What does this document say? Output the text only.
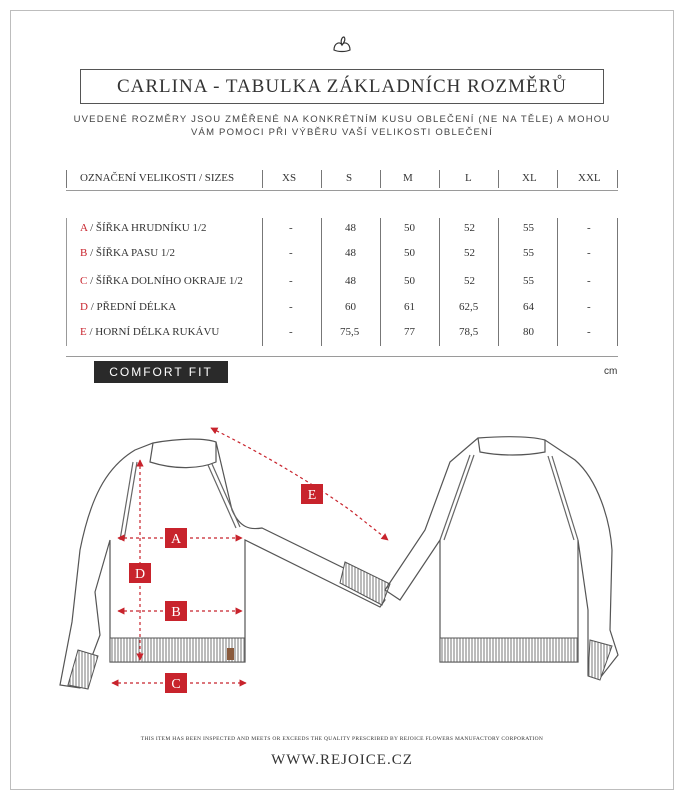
CARLINA - TABULKA ZÁKLADNÍCH ROZMĚRŮ
UVEDENÉ ROZMĚRY JSOU ZMĚŘENÉ NA KONKRÉTNÍM KUSU OBLEČENÍ (NE NA TĚLE) A MOHOU
VÁM POMOCI PŘI VÝBĚRU VAŠÍ VELIKOSTI OBLEČENÍ
OZNAČENÍ VELIKOSTI / SIZES	XS	S	M	L	XL	XXL
A / ŠÍŘKA HRUDNÍKU 1/2	-	48	50	52	55	-
B / ŠÍŘKA PASU 1/2	-	48	50	52	55	-
C / ŠÍŘKA DOLNÍHO OKRAJE 1/2	-	48	50	52	55	-
D / PŘEDNÍ DÉLKA	-	60	61	62,5	64	-
E / HORNÍ DÉLKA RUKÁVU	-	75,5	77	78,5	80	-
COMFORT FIT	cm
A
B
C
D
E
THIS ITEM HAS BEEN INSPECTED AND MEETS OR EXCEEDS THE QUALITY PRESCRIBED BY REJOICE FLOWERS MANUFACTORY CORPORATION
WWW.REJOICE.CZ
